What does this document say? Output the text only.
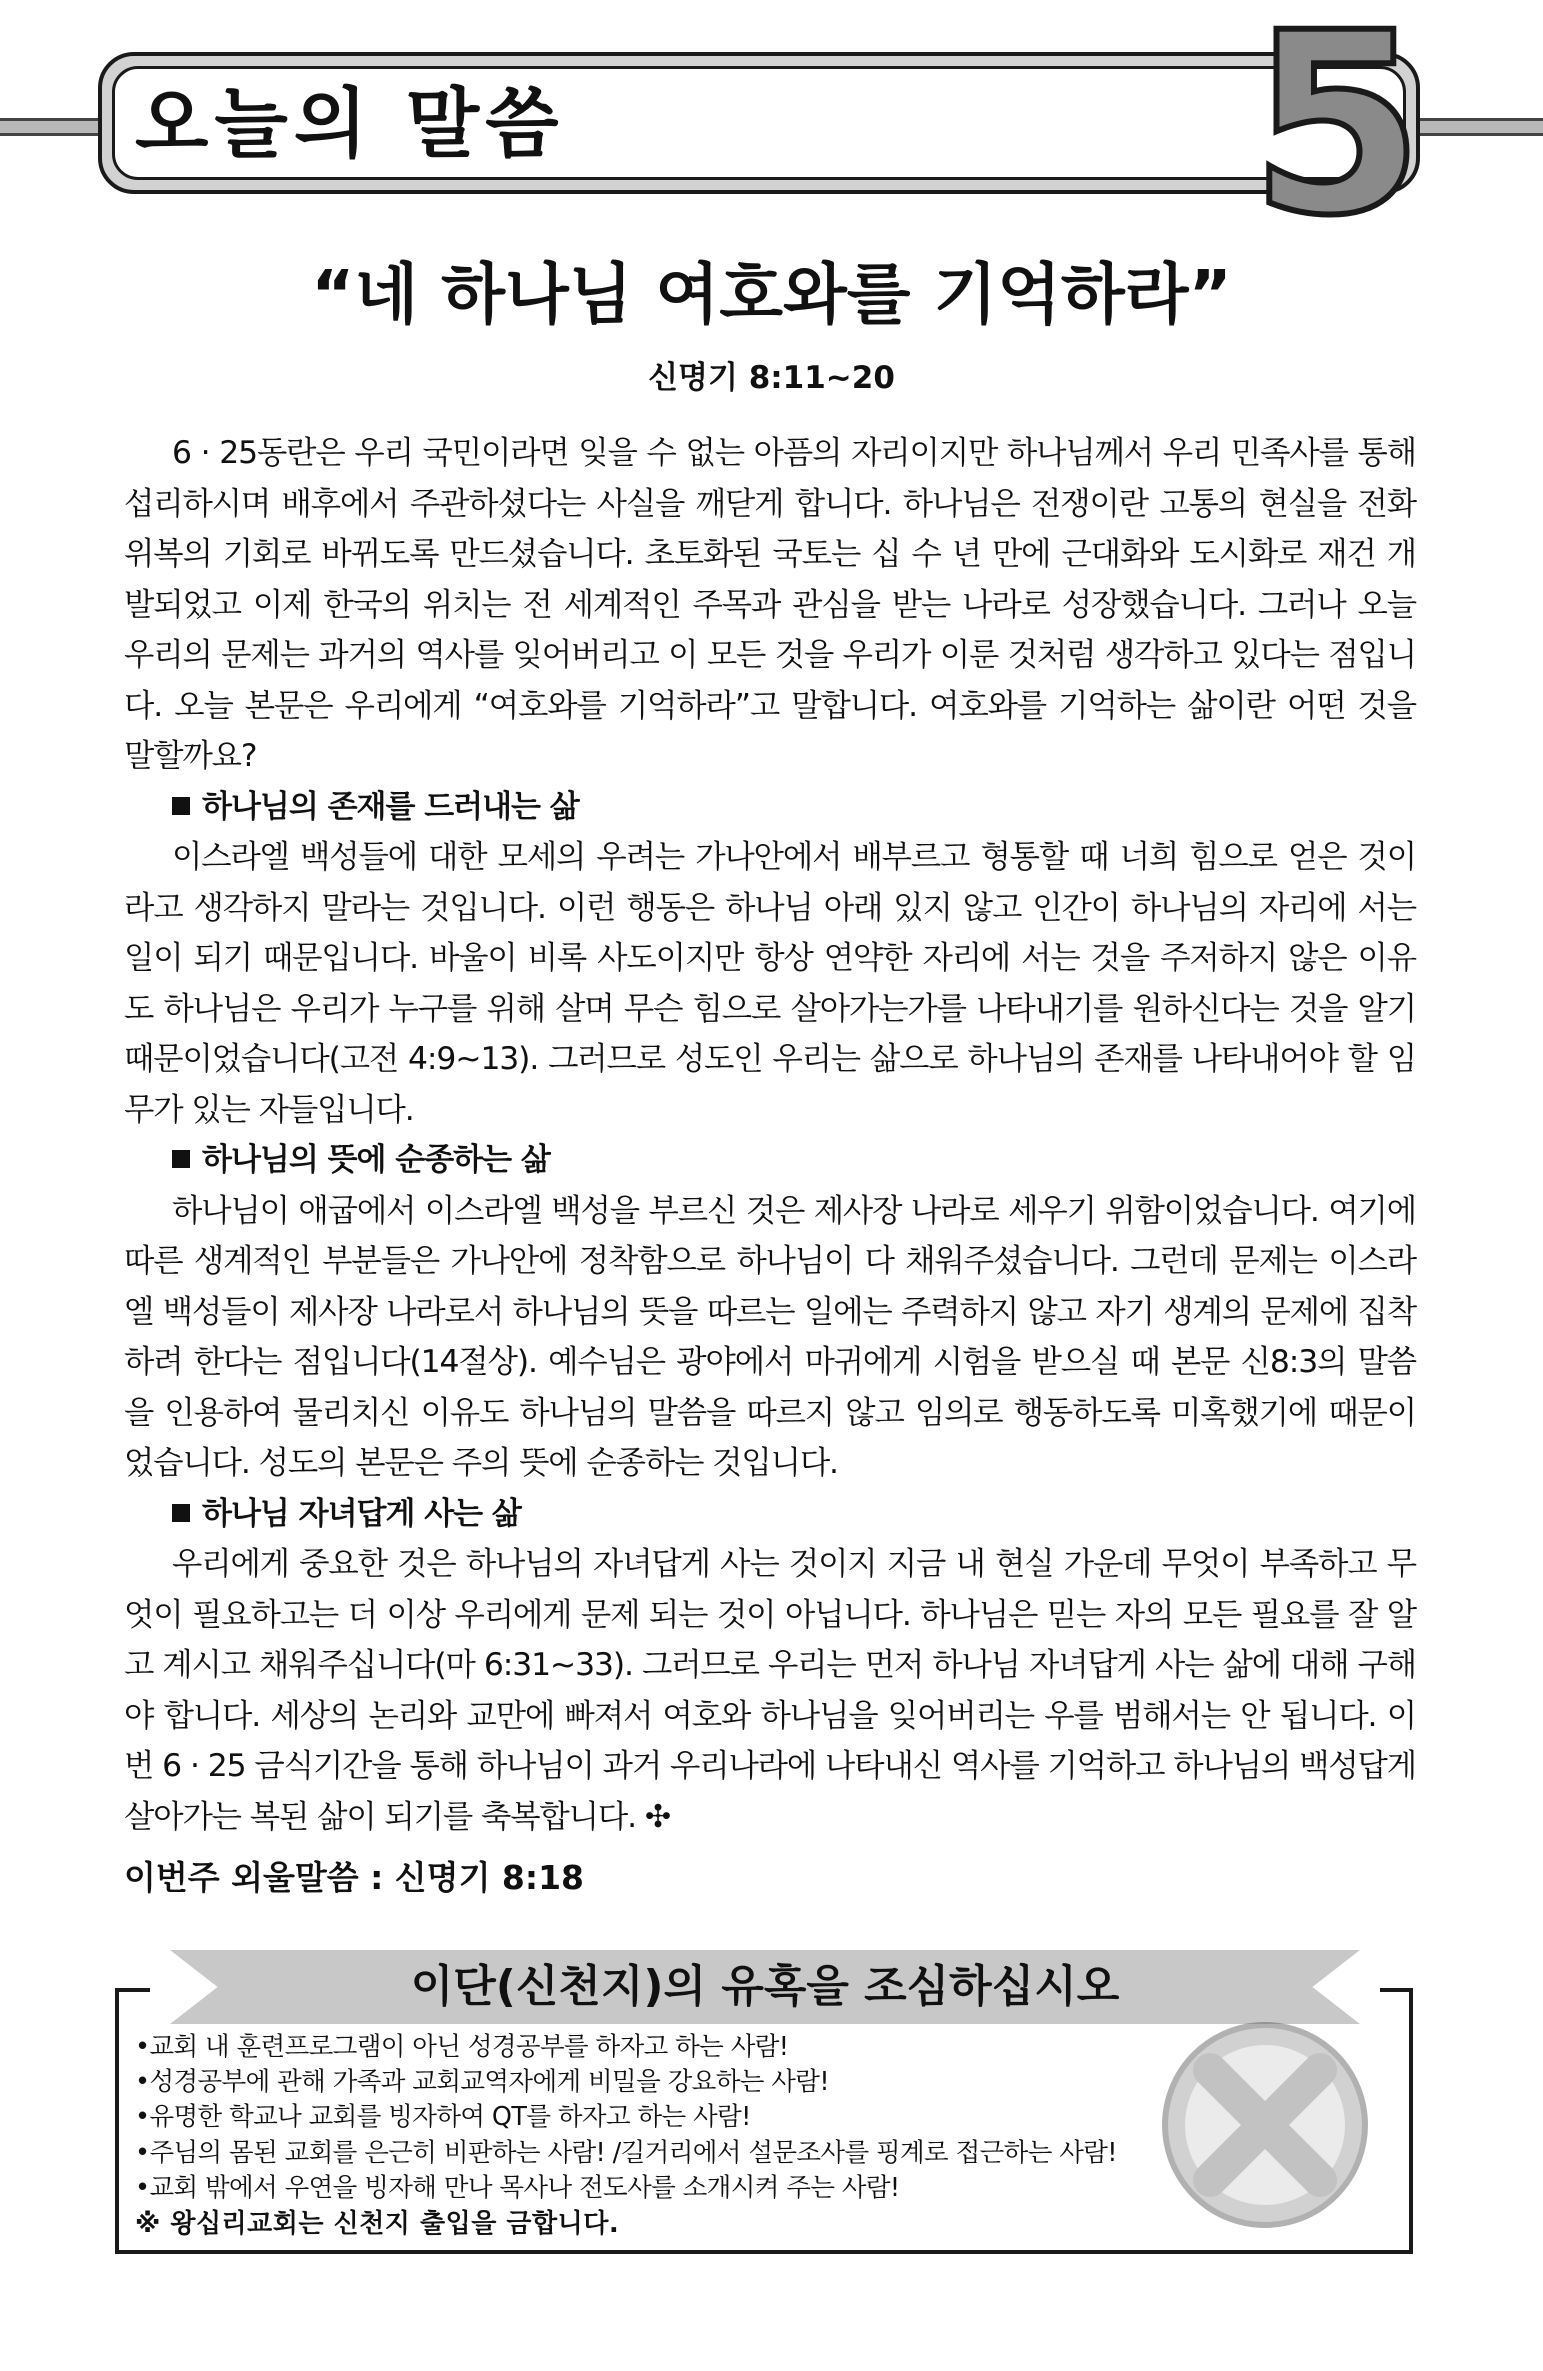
오늘의 말씀	5
“네 하나님 여호와를 기억하라”
신명기 8:11~20

6 · 25동란은 우리 국민이라면 잊을 수 없는 아픔의 자리이지만 하나님께서 우리 민족사를 통해 섭리하시며 배후에서 주관하셨다는 사실을 깨닫게 합니다. 하나님은 전쟁이란 고통의 현실을 전화위복의 기회로 바뀌도록 만드셨습니다. 초토화된 국토는 십 수 년 만에 근대화와 도시화로 재건 개발되었고 이제 한국의 위치는 전 세계적인 주목과 관심을 받는 나라로 성장했습니다. 그러나 오늘 우리의 문제는 과거의 역사를 잊어버리고 이 모든 것을 우리가 이룬 것처럼 생각하고 있다는 점입니다. 오늘 본문은 우리에게 “여호와를 기억하라”고 말합니다. 여호와를 기억하는 삶이란 어떤 것을 말할까요?

하나님의 존재를 드러내는 삶

이스라엘 백성들에 대한 모세의 우려는 가나안에서 배부르고 형통할 때 너희 힘으로 얻은 것이라고 생각하지 말라는 것입니다. 이런 행동은 하나님 아래 있지 않고 인간이 하나님의 자리에 서는 일이 되기 때문입니다. 바울이 비록 사도이지만 항상 연약한 자리에 서는 것을 주저하지 않은 이유도 하나님은 우리가 누구를 위해 살며 무슨 힘으로 살아가는가를 나타내기를 원하신다는 것을 알기 때문이었습니다(고전 4:9~13). 그러므로 성도인 우리는 삶으로 하나님의 존재를 나타내어야 할 임무가 있는 자들입니다.

하나님의 뜻에 순종하는 삶

하나님이 애굽에서 이스라엘 백성을 부르신 것은 제사장 나라로 세우기 위함이었습니다. 여기에 따른 생계적인 부분들은 가나안에 정착함으로 하나님이 다 채워주셨습니다. 그런데 문제는 이스라엘 백성들이 제사장 나라로서 하나님의 뜻을 따르는 일에는 주력하지 않고 자기 생계의 문제에 집착하려 한다는 점입니다(14절상). 예수님은 광야에서 마귀에게 시험을 받으실 때 본문 신8:3의 말씀을 인용하여 물리치신 이유도 하나님의 말씀을 따르지 않고 임의로 행동하도록 미혹했기에 때문이었습니다. 성도의 본문은 주의 뜻에 순종하는 것입니다.

하나님 자녀답게 사는 삶

우리에게 중요한 것은 하나님의 자녀답게 사는 것이지 지금 내 현실 가운데 무엇이 부족하고 무엇이 필요하고는 더 이상 우리에게 문제 되는 것이 아닙니다. 하나님은 믿는 자의 모든 필요를 잘 알고 계시고 채워주십니다(마 6:31~33). 그러므로 우리는 먼저 하나님 자녀답게 사는 삶에 대해 구해야 합니다. 세상의 논리와 교만에 빠져서 여호와 하나님을 잊어버리는 우를 범해서는 안 됩니다. 이번 6 · 25 금식기간을 통해 하나님이 과거 우리나라에 나타내신 역사를 기억하고 하나님의 백성답게 살아가는 복된 삶이 되기를 축복합니다. ✣

이번주 외울말씀 : 신명기 8:18
이단(신천지)의 유혹을 조심하십시오
•교회 내 훈련프로그램이 아닌 성경공부를 하자고 하는 사람!
•성경공부에 관해 가족과 교회교역자에게 비밀을 강요하는 사람!
•유명한 학교나 교회를 빙자하여 QT를 하자고 하는 사람!
•주님의 몸된 교회를 은근히 비판하는 사람! /길거리에서 설문조사를 핑계로 접근하는 사람!
•교회 밖에서 우연을 빙자해 만나 목사나 전도사를 소개시켜 주는 사람!
※ 왕십리교회는 신천지 출입을 금합니다.
